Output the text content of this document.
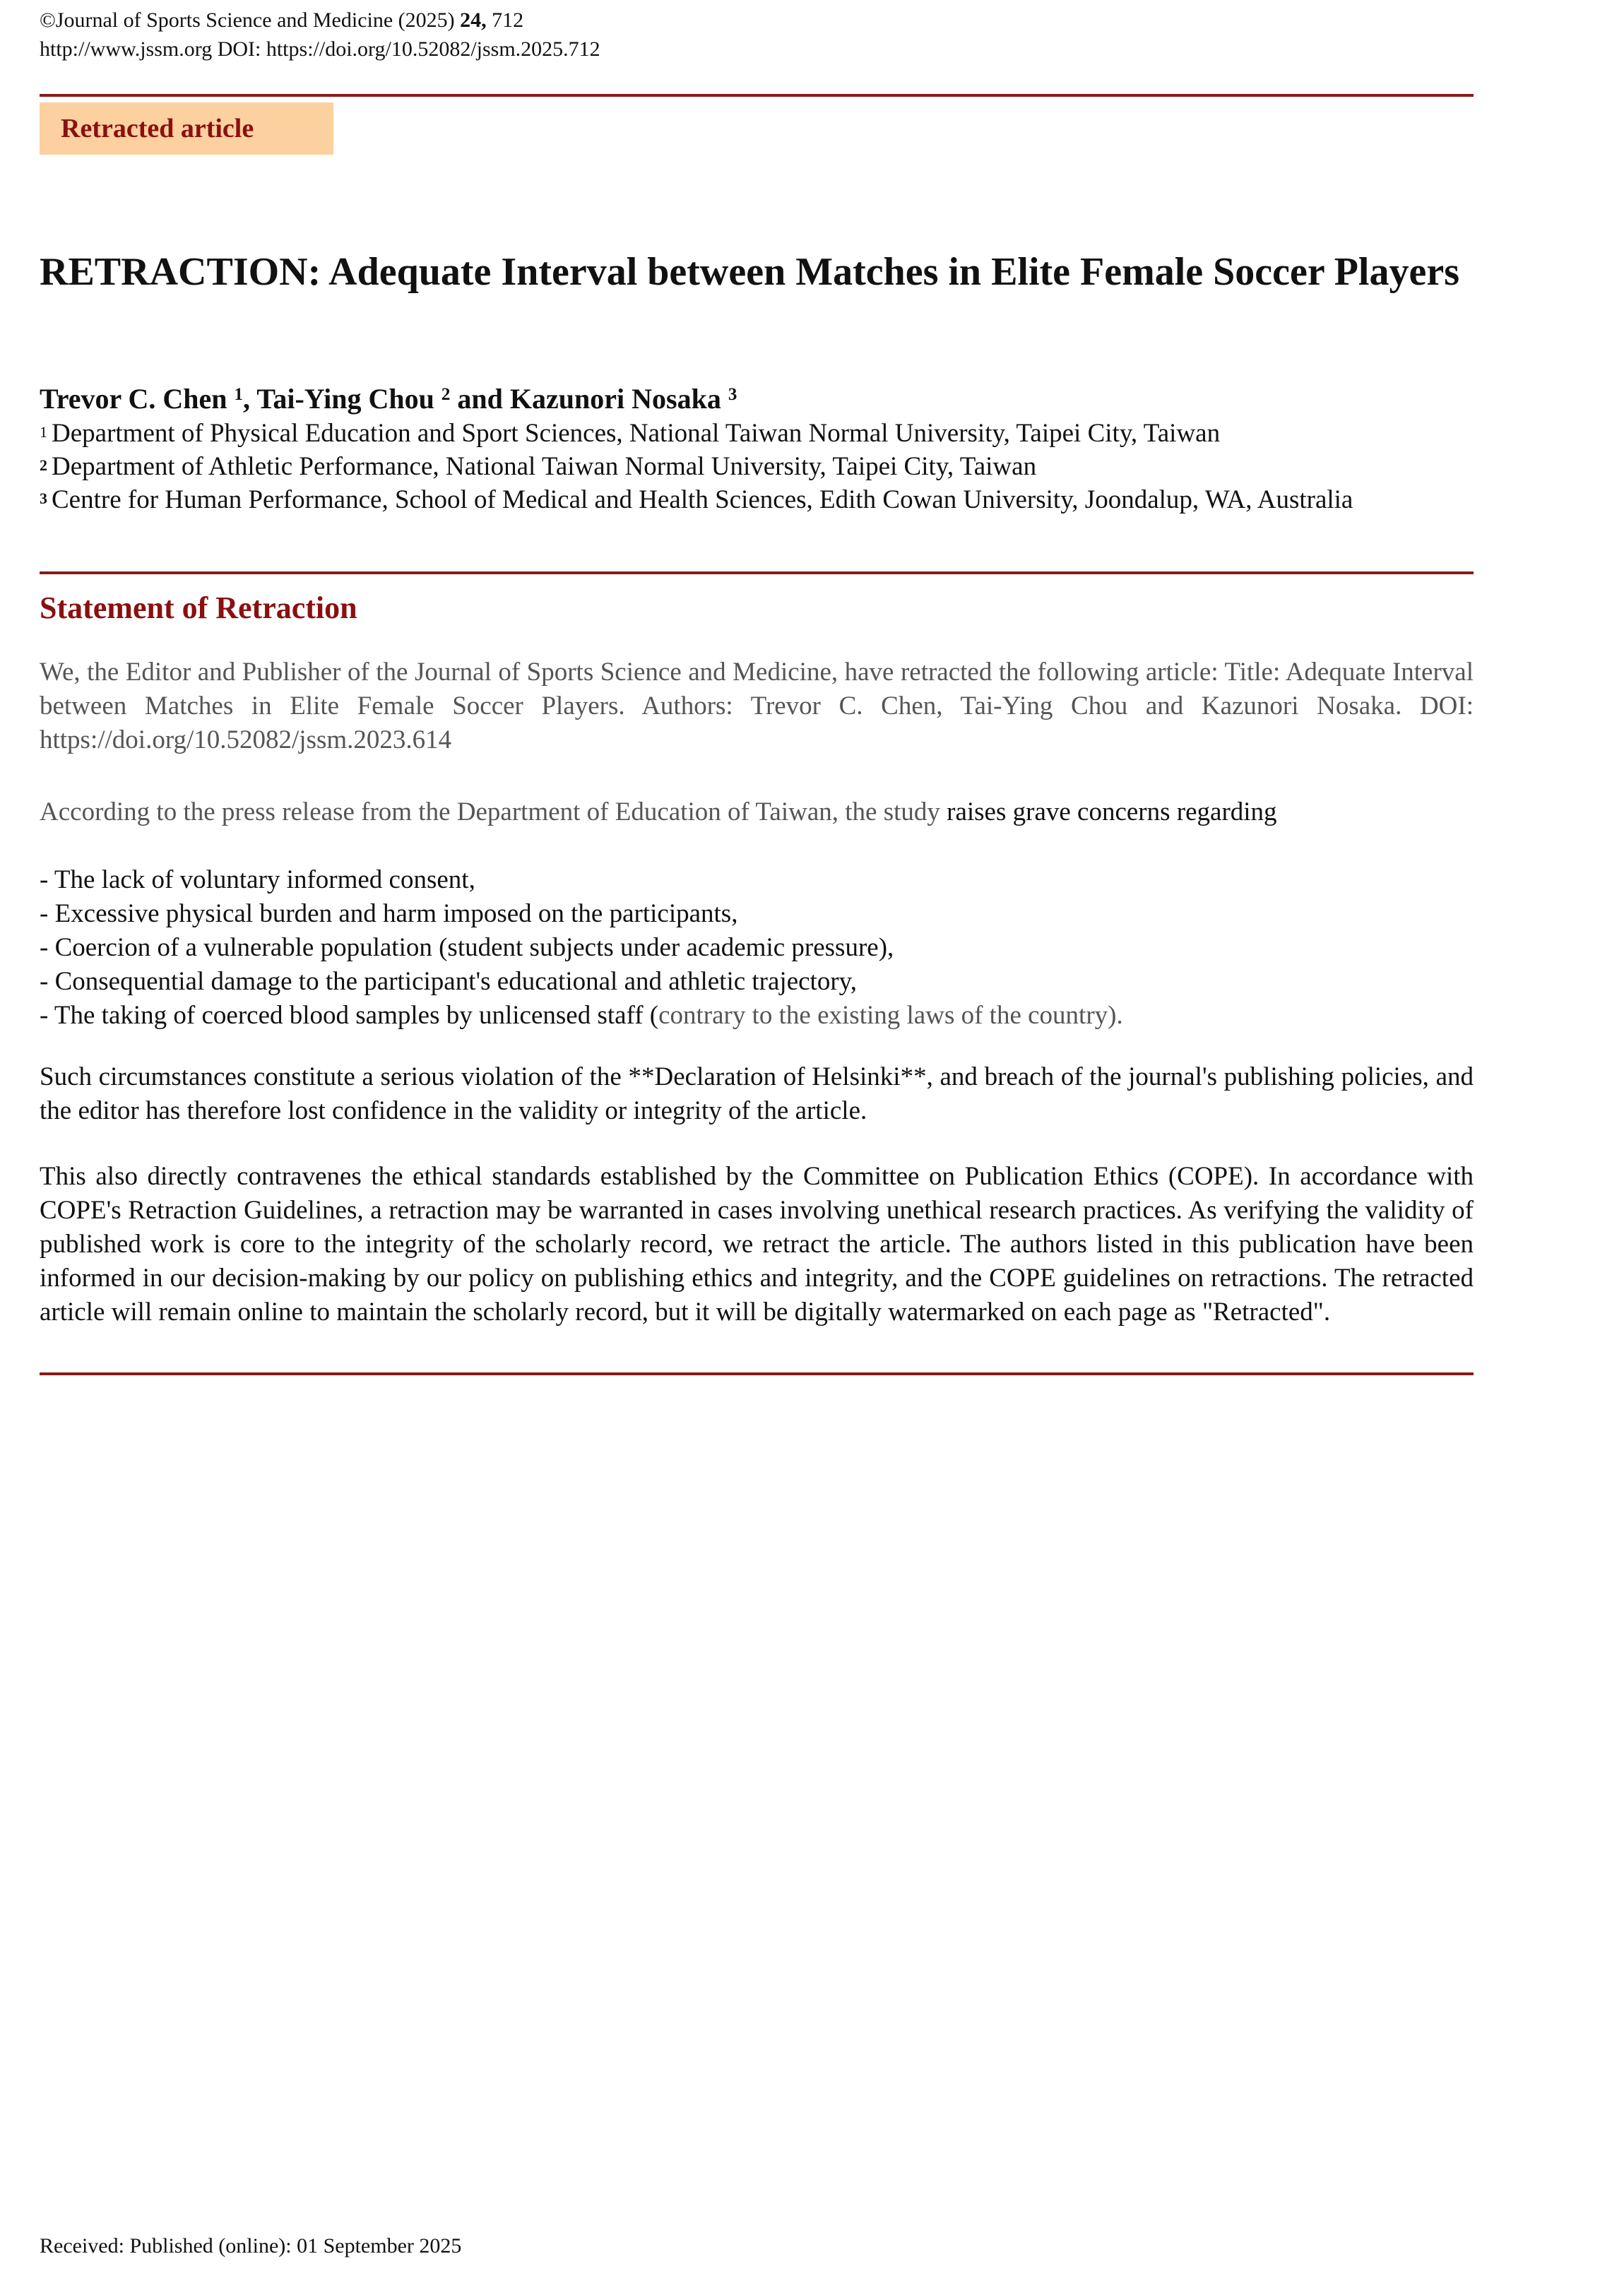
©Journal of Sports Science and Medicine (2025) 24, 712
http://www.jssm.org DOI: https://doi.org/10.52082/jssm.2025.712
Retracted article
RETRACTION: Adequate Interval between Matches in Elite Female Soccer Players
Trevor C. Chen $^1$, Tai-Ying Chou $^2$ and Kazunori Nosaka $^3$
$^1$ Department of Physical Education and Sport Sciences, National Taiwan Normal University, Taipei City, Taiwan
$^2$ Department of Athletic Performance, National Taiwan Normal University, Taipei City, Taiwan
$^3$ Centre for Human Performance, School of Medical and Health Sciences, Edith Cowan University, Joondalup, WA, Australia
Statement of Retraction
We, the Editor and Publisher of the Journal of Sports Science and Medicine, have retracted the following article: Title: Adequate Interval between Matches in Elite Female Soccer Players. Authors: Trevor C. Chen, Tai-Ying Chou and Kazunori Nosaka. DOI: https://doi.org/10.52082/jssm.2023.614
According to the press release from the Department of Education of Taiwan, the study raises grave concerns regarding
- The lack of voluntary informed consent,
- Excessive physical burden and harm imposed on the participants,
- Coercion of a vulnerable population (student subjects under academic pressure),
- Consequential damage to the participant's educational and athletic trajectory,
- The taking of coerced blood samples by unlicensed staff (contrary to the existing laws of the country).
Such circumstances constitute a serious violation of the **Declaration of Helsinki**, and breach of the journal's publishing policies, and the editor has therefore lost confidence in the validity or integrity of the article.
This also directly contravenes the ethical standards established by the Committee on Publication Ethics (COPE). In accordance with COPE's Retraction Guidelines, a retraction may be warranted in cases involving unethical research practices. As verifying the validity of published work is core to the integrity of the scholarly record, we retract the article. The authors listed in this publication have been informed in our decision-making by our policy on publishing ethics and integrity, and the COPE guidelines on retractions. The retracted article will remain online to maintain the scholarly record, but it will be digitally watermarked on each page as "Retracted".
Received: Published (online): 01 September 2025
